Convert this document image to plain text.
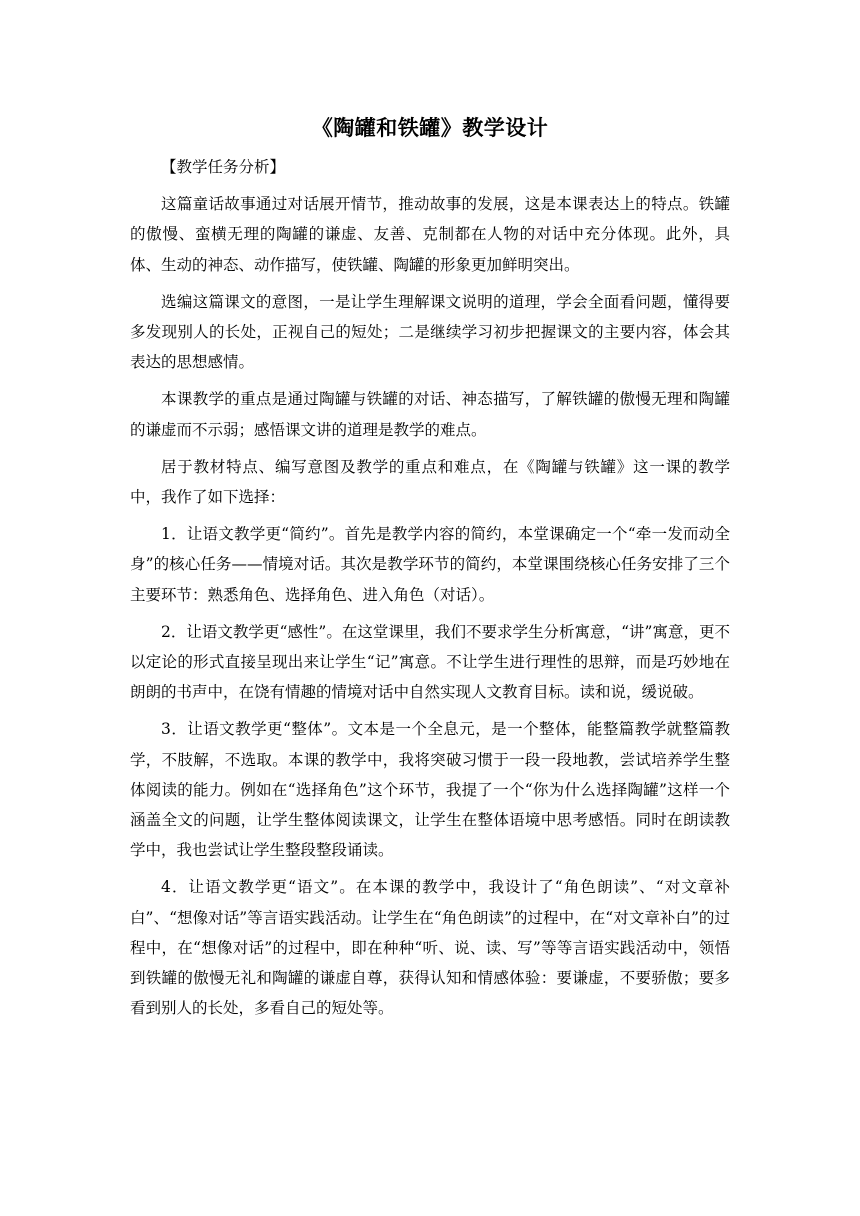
《陶罐和铁罐》教学设计

【教学任务分析】

这篇童话故事通过对话展开情节，推动故事的发展，这是本课表达上的特点。铁罐的傲慢、蛮横无理的陶罐的谦虚、友善、克制都在人物的对话中充分体现。此外，具体、生动的神态、动作描写，使铁罐、陶罐的形象更加鲜明突出。

选编这篇课文的意图，一是让学生理解课文说明的道理，学会全面看问题，懂得要多发现别人的长处，正视自己的短处；二是继续学习初步把握课文的主要内容，体会其表达的思想感情。

本课教学的重点是通过陶罐与铁罐的对话、神态描写，了解铁罐的傲慢无理和陶罐的谦虚而不示弱；感悟课文讲的道理是教学的难点。

居于教材特点、编写意图及教学的重点和难点，在《陶罐与铁罐》这一课的教学中，我作了如下选择：

1．让语文教学更“简约”。首先是教学内容的简约，本堂课确定一个“牵一发而动全身”的核心任务——情境对话。其次是教学环节的简约，本堂课围绕核心任务安排了三个主要环节：熟悉角色、选择角色、进入角色（对话）。

2．让语文教学更“感性”。在这堂课里，我们不要求学生分析寓意，“讲”寓意，更不以定论的形式直接呈现出来让学生“记”寓意。不让学生进行理性的思辩，而是巧妙地在朗朗的书声中，在饶有情趣的情境对话中自然实现人文教育目标。读和说，缓说破。

3．让语文教学更“整体”。文本是一个全息元，是一个整体，能整篇教学就整篇教学，不肢解，不选取。本课的教学中，我将突破习惯于一段一段地教，尝试培养学生整体阅读的能力。例如在“选择角色”这个环节，我提了一个“你为什么选择陶罐”这样一个涵盖全文的问题，让学生整体阅读课文，让学生在整体语境中思考感悟。同时在朗读教学中，我也尝试让学生整段整段诵读。

4．让语文教学更“语文”。在本课的教学中，我设计了“角色朗读”、“对文章补白”、“想像对话”等言语实践活动。让学生在“角色朗读”的过程中，在“对文章补白”的过程中，在“想像对话”的过程中，即在种种“听、说、读、写”等等言语实践活动中，领悟到铁罐的傲慢无礼和陶罐的谦虚自尊，获得认知和情感体验：要谦虚，不要骄傲；要多看到别人的长处，多看自己的短处等。
